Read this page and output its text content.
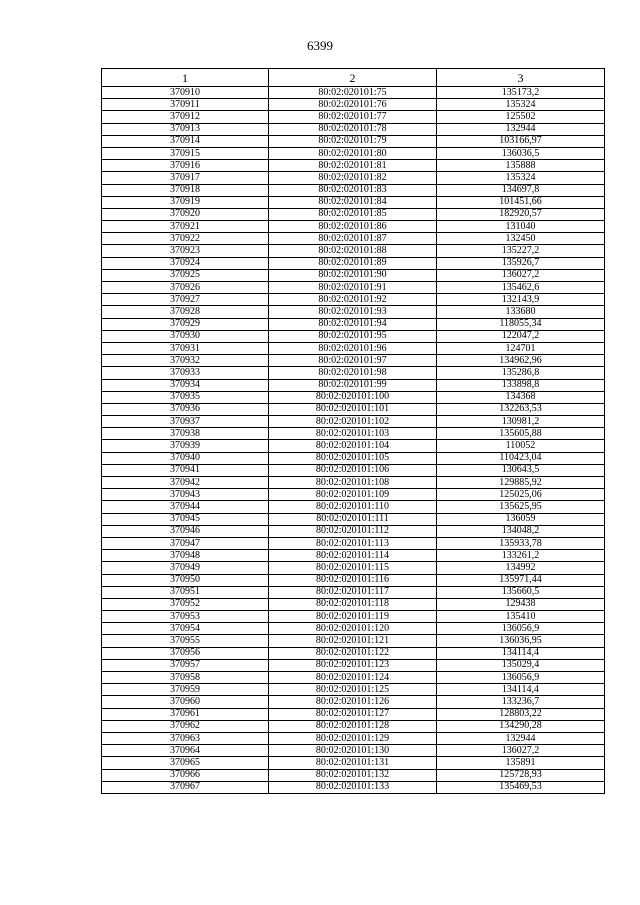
6399
1	2	3
370910	80:02:020101:75	135173,2
370911	80:02:020101:76	135324
370912	80:02:020101:77	125502
370913	80:02:020101:78	132944
370914	80:02:020101:79	103166,97
370915	80:02:020101:80	136036,5
370916	80:02:020101:81	135888
370917	80:02:020101:82	135324
370918	80:02:020101:83	134697,8
370919	80:02:020101:84	101451,66
370920	80:02:020101:85	182920,57
370921	80:02:020101:86	131040
370922	80:02:020101:87	132450
370923	80:02:020101:88	135227,2
370924	80:02:020101:89	135926,7
370925	80:02:020101:90	136027,2
370926	80:02:020101:91	135462,6
370927	80:02:020101:92	132143,9
370928	80:02:020101:93	133680
370929	80:02:020101:94	118055,34
370930	80:02:020101:95	122047,2
370931	80:02:020101:96	124701
370932	80:02:020101:97	134962,96
370933	80:02:020101:98	135286,8
370934	80:02:020101:99	133898,8
370935	80:02:020101:100	134368
370936	80:02:020101:101	132263,53
370937	80:02:020101:102	130981,2
370938	80:02:020101:103	135605,88
370939	80:02:020101:104	110052
370940	80:02:020101:105	110423,04
370941	80:02:020101:106	130643,5
370942	80:02:020101:108	129885,92
370943	80:02:020101:109	125025,06
370944	80:02:020101:110	135625,95
370945	80:02:020101:111	136059
370946	80:02:020101:112	134048,2
370947	80:02:020101:113	135933,78
370948	80:02:020101:114	133261,2
370949	80:02:020101:115	134992
370950	80:02:020101:116	135971,44
370951	80:02:020101:117	135660,5
370952	80:02:020101:118	129438
370953	80:02:020101:119	135410
370954	80:02:020101:120	136056,9
370955	80:02:020101:121	136036,95
370956	80:02:020101:122	134114,4
370957	80:02:020101:123	135029,4
370958	80:02:020101:124	136056,9
370959	80:02:020101:125	134114,4
370960	80:02:020101:126	133236,7
370961	80:02:020101:127	128803,22
370962	80:02:020101:128	134290,28
370963	80:02:020101:129	132944
370964	80:02:020101:130	136027,2
370965	80:02:020101:131	135891
370966	80:02:020101:132	125728,93
370967	80:02:020101:133	135469,53
